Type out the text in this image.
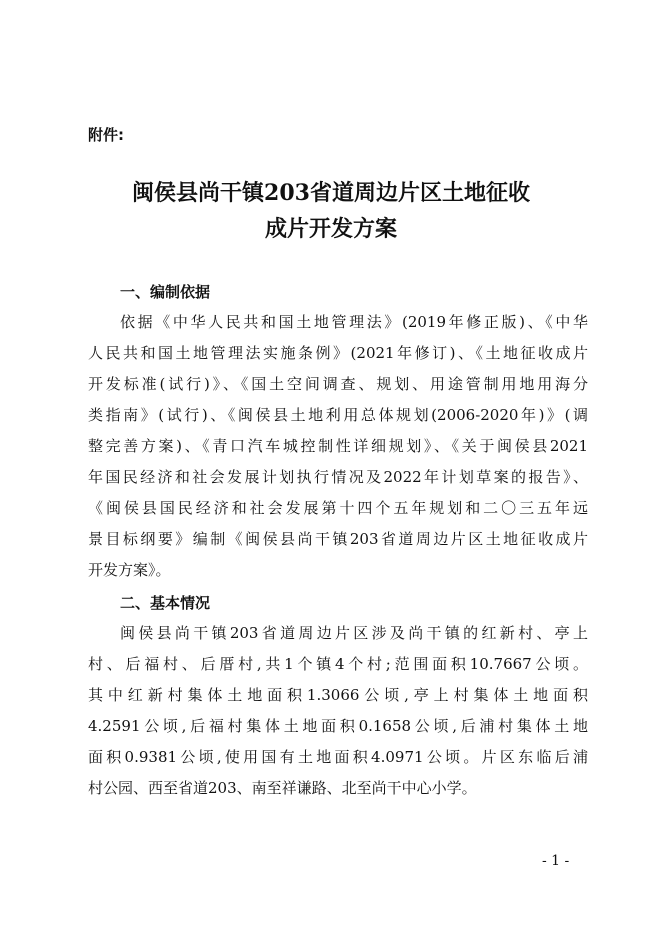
附件:
闽侯县尚干镇203省道周边片区土地征收
成片开发方案
一、编制依据
依据《中华人民共和国土地管理法》(2019年修正版)、《中华
人民共和国土地管理法实施条例》(2021年修订)、《土地征收成片
开发标准(试行)》、《国土空间调查、规划、用途管制用地用海分
类指南》(试行)、《闽侯县土地利用总体规划(2006-2020年)》(调
整完善方案)、《青口汽车城控制性详细规划》、《关于闽侯县2021
年国民经济和社会发展计划执行情况及2022年计划草案的报告》、
《闽侯县国民经济和社会发展第十四个五年规划和二〇三五年远
景目标纲要》编制《闽侯县尚干镇203省道周边片区土地征收成片
开发方案》。
二、基本情况
闽侯县尚干镇203省道周边片区涉及尚干镇的红新村、亭上
村、后福村、后厝村,共1个镇4个村;范围面积10.7667公顷。
其中红新村集体土地面积1.3066公顷,亭上村集体土地面积
4.2591公顷,后福村集体土地面积0.1658公顷,后浦村集体土地
面积0.9381公顷,使用国有土地面积4.0971公顷。片区东临后浦
村公园、西至省道203、南至祥谦路、北至尚干中心小学。
- 1 -
